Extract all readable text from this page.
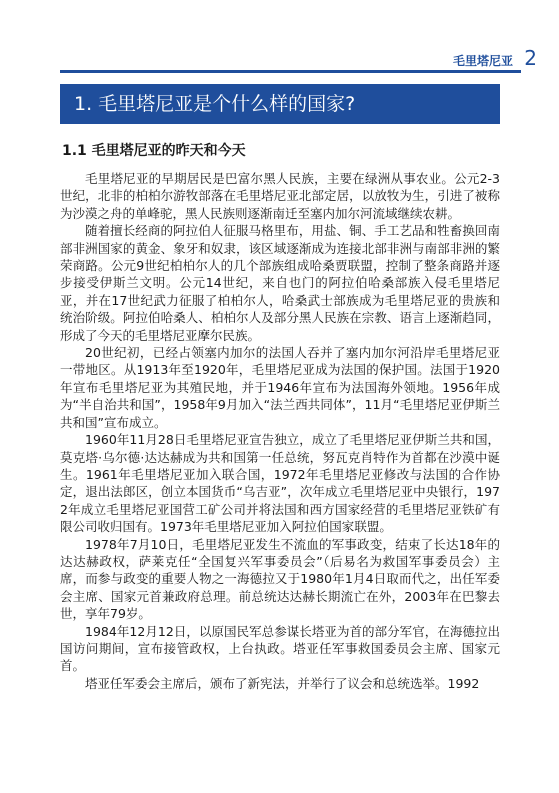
毛里塔尼亚 2
1. 毛里塔尼亚是个什么样的国家?
1.1 毛里塔尼亚的昨天和今天

毛里塔尼亚的早期居民是巴富尔黑人民族，主要在绿洲从事农业。公元2-3世纪，北非的柏柏尔游牧部落在毛里塔尼亚北部定居，以放牧为生，引进了被称为沙漠之舟的单峰驼，黑人民族则逐渐南迁至塞内加尔河流域继续农耕。

随着擅长经商的阿拉伯人征服马格里布，用盐、铜、手工艺品和牲畜换回南部非洲国家的黄金、象牙和奴隶，该区域逐渐成为连接北部非洲与南部非洲的繁荣商路。公元9世纪柏柏尔人的几个部族组成哈桑贾联盟，控制了整条商路并逐步接受伊斯兰文明。公元14世纪，来自也门的阿拉伯哈桑部族入侵毛里塔尼亚，并在17世纪武力征服了柏柏尔人，哈桑武士部族成为毛里塔尼亚的贵族和统治阶级。阿拉伯哈桑人、柏柏尔人及部分黑人民族在宗教、语言上逐渐趋同，形成了今天的毛里塔尼亚摩尔民族。

20世纪初，已经占领塞内加尔的法国人吞并了塞内加尔河沿岸毛里塔尼亚一带地区。从1913年至1920年，毛里塔尼亚成为法国的保护国。法国于1920年宣布毛里塔尼亚为其殖民地，并于1946年宣布为法国海外领地。1956年成为“半自治共和国”，1958年9月加入“法兰西共同体”，11月“毛里塔尼亚伊斯兰共和国”宣布成立。

1960年11月28日毛里塔尼亚宣告独立，成立了毛里塔尼亚伊斯兰共和国，莫克塔·乌尔德·达达赫成为共和国第一任总统，努瓦克肖特作为首都在沙漠中诞生。1961年毛里塔尼亚加入联合国，1972年毛里塔尼亚修改与法国的合作协定，退出法郎区，创立本国货币“乌吉亚”，次年成立毛里塔尼亚中央银行，1972年成立毛里塔尼亚国营工矿公司并将法国和西方国家经营的毛里塔尼亚铁矿有限公司收归国有。1973年毛里塔尼亚加入阿拉伯国家联盟。

1978年7月10日，毛里塔尼亚发生不流血的军事政变，结束了长达18年的达达赫政权，萨莱克任“全国复兴军事委员会”（后易名为救国军事委员会）主席，而参与政变的重要人物之一海德拉又于1980年1月4日取而代之，出任军委会主席、国家元首兼政府总理。前总统达达赫长期流亡在外，2003年在巴黎去世，享年79岁。

1984年12月12日，以原国民军总参谋长塔亚为首的部分军官，在海德拉出国访问期间，宣布接管政权，上台执政。塔亚任军事救国委员会主席、国家元首。

塔亚任军委会主席后，颁布了新宪法，并举行了议会和总统选举。1992
